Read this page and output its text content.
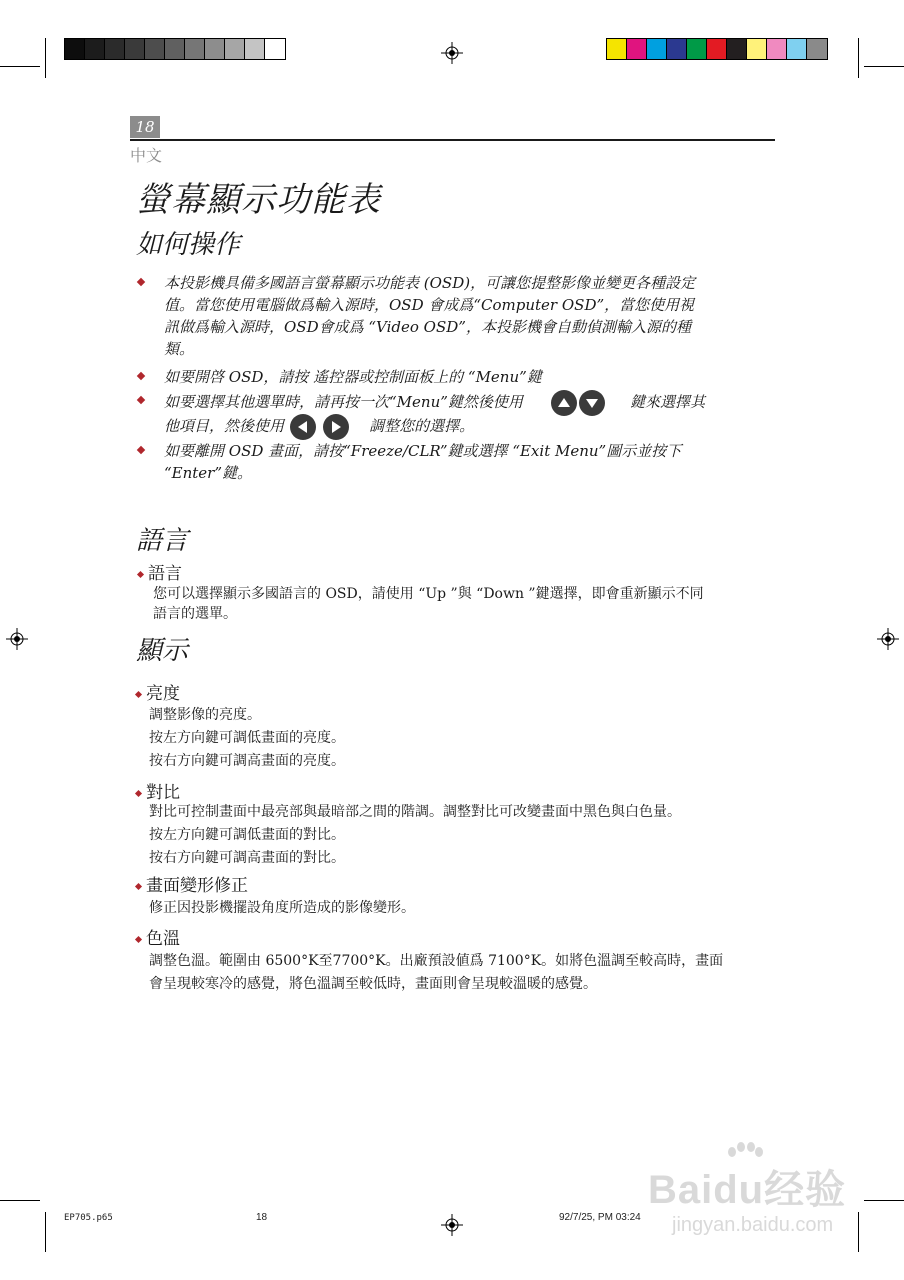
18
中文
螢幕顯示功能表
如何操作
本投影機具備多國語言螢幕顯示功能表 (OSD)，可讓您提整影像並變更各種設定
值。當您使用電腦做爲輸入源時，OSD 會成爲“Computer OSD”，當您使用視
訊做爲輸入源時，OSD會成爲 “Video OSD”，本投影機會自動偵測輸入源的種
類。
如要開啓 OSD，請按 遙控器或控制面板上的 “Menu”鍵
如要選擇其他選單時，請再按一次“Menu”鍵然後使用	鍵來選擇其
他項目，然後使用
	調整您的選擇。
如要離開 OSD 畫面，請按“Freeze/CLR”鍵或選擇 “Exit Menu”圖示並按下
“Enter”鍵。
語言
語言
您可以選擇顯示多國語言的 OSD，請使用 “Up ”與 “Down ”鍵選擇，即會重新顯示不同
語言的選單。
顯示
亮度
調整影像的亮度。
按左方向鍵可調低畫面的亮度。
按右方向鍵可調高畫面的亮度。
對比
對比可控制畫面中最亮部與最暗部之間的階調。調整對比可改變畫面中黑色與白色量。
按左方向鍵可調低畫面的對比。
按右方向鍵可調高畫面的對比。
畫面變形修正
修正因投影機擺設角度所造成的影像變形。
色溫
調整色溫。範圍由 6500°K至7700°K。出廠預設値爲 7100°K。如將色溫調至較高時，畫面
會呈現較寒冷的感覺，將色溫調至較低時，畫面則會呈現較溫暖的感覺。
Baidu经验
jingyan.baidu.com
EP705.p65	18	92/7/25, PM 03:24
